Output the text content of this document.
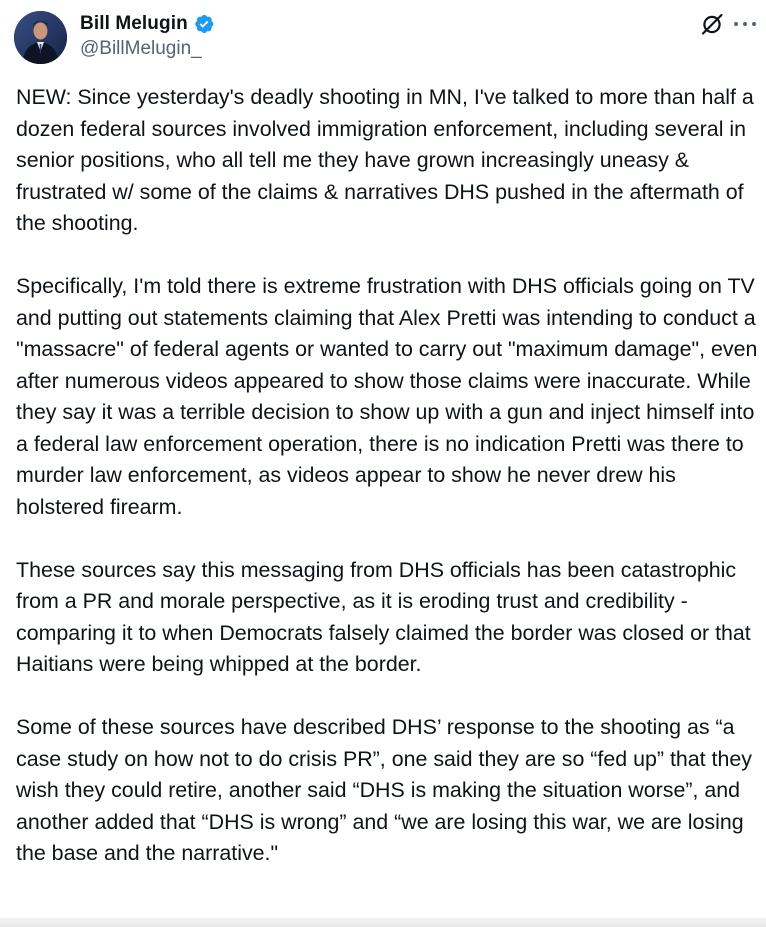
Bill Melugin
@BillMelugin_

NEW: Since yesterday's deadly shooting in MN, I've talked to more than half a dozen federal sources involved immigration enforcement, including several in senior positions, who all tell me they have grown increasingly uneasy & frustrated w/ some of the claims & narratives DHS pushed in the aftermath of the shooting.

Specifically, I'm told there is extreme frustration with DHS officials going on TV and putting out statements claiming that Alex Pretti was intending to conduct a "massacre" of federal agents or wanted to carry out "maximum damage", even after numerous videos appeared to show those claims were inaccurate. While they say it was a terrible decision to show up with a gun and inject himself into a federal law enforcement operation, there is no indication Pretti was there to murder law enforcement, as videos appear to show he never drew his holstered firearm.

These sources say this messaging from DHS officials has been catastrophic from a PR and morale perspective, as it is eroding trust and credibility - comparing it to when Democrats falsely claimed the border was closed or that Haitians were being whipped at the border.

Some of these sources have described DHS’ response to the shooting as “a case study on how not to do crisis PR”, one said they are so “fed up” that they wish they could retire, another said “DHS is making the situation worse”, and another added that “DHS is wrong” and “we are losing this war, we are losing the base and the narrative."
